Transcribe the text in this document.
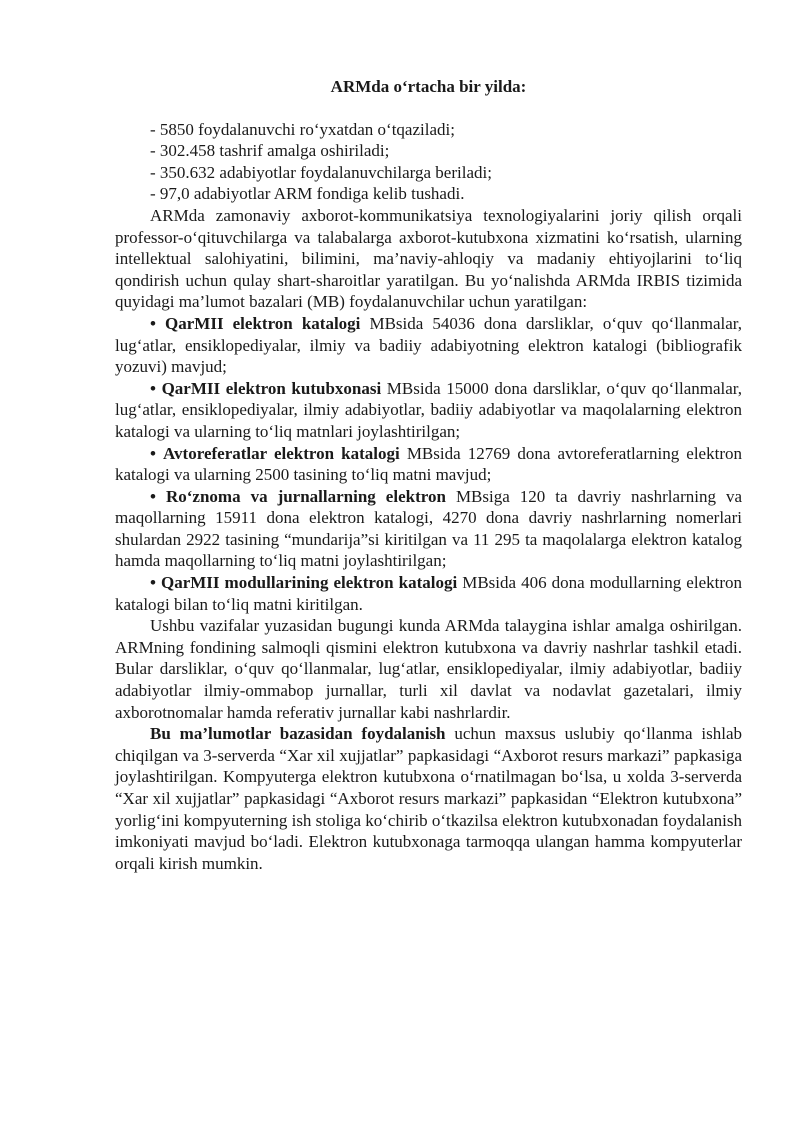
ARMda o‘rtacha bir yilda:

- 5850 foydalanuvchi ro‘yxatdan o‘tqaziladi;
- 302.458 tashrif amalga oshiriladi;
- 350.632 adabiyotlar foydalanuvchilarga beriladi;
- 97,0 adabiyotlar ARM fondiga kelib tushadi.

ARMda zamonaviy axborot-kommunikatsiya texnologiyalarini joriy qilish orqali professor-o‘qituvchilarga va talabalarga axborot-kutubxona xizmatini ko‘rsatish, ularning intellektual salohiyatini, bilimini, ma’naviy-ahloqiy va madaniy ehtiyojlarini to‘liq qondirish uchun qulay shart-sharoitlar yaratilgan. Bu yo‘nalishda ARMda IRBIS tizimida quyidagi ma’lumot bazalari (MB) foydalanuvchilar uchun yaratilgan:

• QarMII elektron katalogi MBsida 54036 dona darsliklar, o‘quv qo‘llanmalar, lug‘atlar, ensiklopediyalar, ilmiy va badiiy adabiyotning elektron katalogi (bibliografik yozuvi) mavjud;

• QarMII elektron kutubxonasi MBsida 15000 dona darsliklar, o‘quv qo‘llanmalar, lug‘atlar, ensiklopediyalar, ilmiy adabiyotlar, badiiy adabiyotlar va maqolalarning elektron katalogi va ularning to‘liq matnlari joylashtirilgan;

• Avtoreferatlar elektron katalogi MBsida 12769 dona avtoreferatlarning elektron katalogi va ularning 2500 tasining to‘liq matni mavjud;

• Ro‘znoma va jurnallarning elektron MBsiga 120 ta davriy nashrlarning va maqollarning 15911 dona elektron katalogi, 4270 dona davriy nashrlarning nomerlari shulardan 2922 tasining “mundarija”si kiritilgan va 11 295 ta maqolalarga elektron katalog hamda maqollarning to‘liq matni joylashtirilgan;

• QarMII modullarining elektron katalogi MBsida 406 dona modullarning elektron katalogi bilan to‘liq matni kiritilgan.

Ushbu vazifalar yuzasidan bugungi kunda ARMda talaygina ishlar amalga oshirilgan. ARMning fondining salmoqli qismini elektron kutubxona va davriy nashrlar tashkil etadi. Bular darsliklar, o‘quv qo‘llanmalar, lug‘atlar, ensiklopediyalar, ilmiy adabiyotlar, badiiy adabiyotlar ilmiy-ommabop jurnallar, turli xil davlat va nodavlat gazetalari, ilmiy axborotnomalar hamda referativ jurnallar kabi nashrlardir.

Bu ma’lumotlar bazasidan foydalanish uchun maxsus uslubiy qo‘llanma ishlab chiqilgan va 3-serverda “Xar xil xujjatlar” papkasidagi “Axborot resurs markazi” papkasiga joylashtirilgan. Kompyuterga elektron kutubxona o‘rnatilmagan bo‘lsa, u xolda 3-serverda “Xar xil xujjatlar” papkasidagi “Axborot resurs markazi” papkasidan “Elektron kutubxona” yorlig‘ini kompyuterning ish stoliga ko‘chirib o‘tkazilsa elektron kutubxonadan foydalanish imkoniyati mavjud bo‘ladi. Elektron kutubxonaga tarmoqqa ulangan hamma kompyuterlar orqali kirish mumkin.
